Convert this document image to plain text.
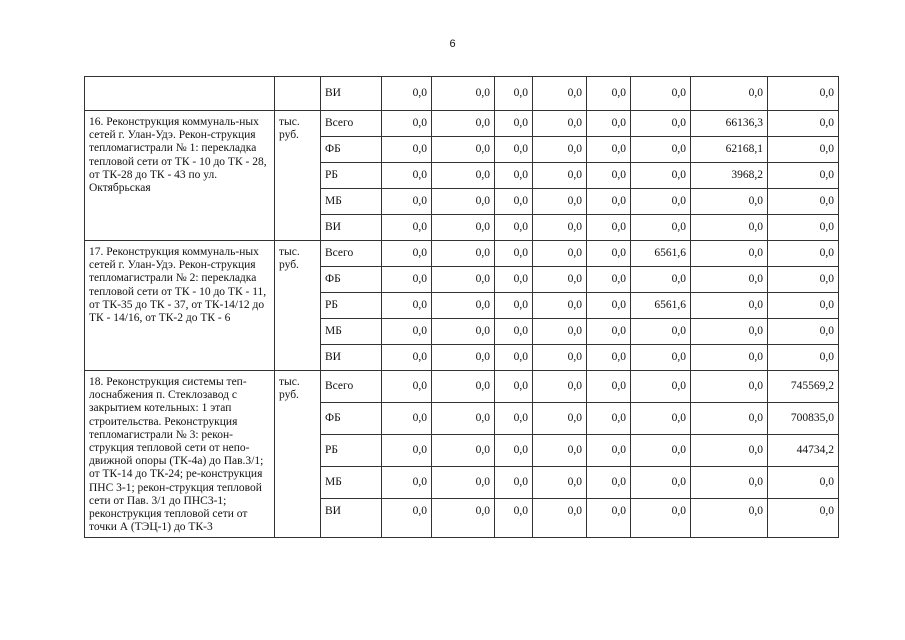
6
		ВИ	0,0	0,0	0,0	0,0	0,0	0,0	0,0	0,0
16. Реконструкция коммуналь-ных сетей г. Улан-Удэ. Рекон-струкция тепломагистрали № 1: перекладка тепловой сети от ТК - 10 до ТК - 28, от ТК-28 до ТК - 43 по ул. Октябрьская	тыс. руб.	Всего	0,0	0,0	0,0	0,0	0,0	0,0	66136,3	0,0
		ФБ	0,0	0,0	0,0	0,0	0,0	0,0	62168,1	0,0
		РБ	0,0	0,0	0,0	0,0	0,0	0,0	3968,2	0,0
		МБ	0,0	0,0	0,0	0,0	0,0	0,0	0,0	0,0
		ВИ	0,0	0,0	0,0	0,0	0,0	0,0	0,0	0,0
17. Реконструкция коммуналь-ных сетей г. Улан-Удэ. Рекон-струкция тепломагистрали № 2: перекладка тепловой сети от ТК - 10 до ТК - 11, от ТК-35 до ТК - 37, от ТК-14/12 до ТК - 14/16, от ТК-2 до ТК - 6	тыс. руб.	Всего	0,0	0,0	0,0	0,0	0,0	6561,6	0,0	0,0
		ФБ	0,0	0,0	0,0	0,0	0,0	0,0	0,0	0,0
		РБ	0,0	0,0	0,0	0,0	0,0	6561,6	0,0	0,0
		МБ	0,0	0,0	0,0	0,0	0,0	0,0	0,0	0,0
		ВИ	0,0	0,0	0,0	0,0	0,0	0,0	0,0	0,0
18. Реконструкция системы теп-лоснабжения п. Стеклозавод с закрытием котельных: 1 этап строительства. Реконструкция тепломагистрали № 3: рекон-струкция тепловой сети от непо-движной опоры (ТК-4а) до Пав.3/1; от ТК-14 до ТК-24; ре-конструкция ПНС 3-1; рекон-струкция тепловой сети от Пав. 3/1 до ПНС3-1; реконструкция тепловой сети от точки А (ТЭЦ-1) до ТК-3	тыс. руб.	Всего	0,0	0,0	0,0	0,0	0,0	0,0	0,0	745569,2
		ФБ	0,0	0,0	0,0	0,0	0,0	0,0	0,0	700835,0
		РБ	0,0	0,0	0,0	0,0	0,0	0,0	0,0	44734,2
		МБ	0,0	0,0	0,0	0,0	0,0	0,0	0,0	0,0
		ВИ	0,0	0,0	0,0	0,0	0,0	0,0	0,0	0,0
